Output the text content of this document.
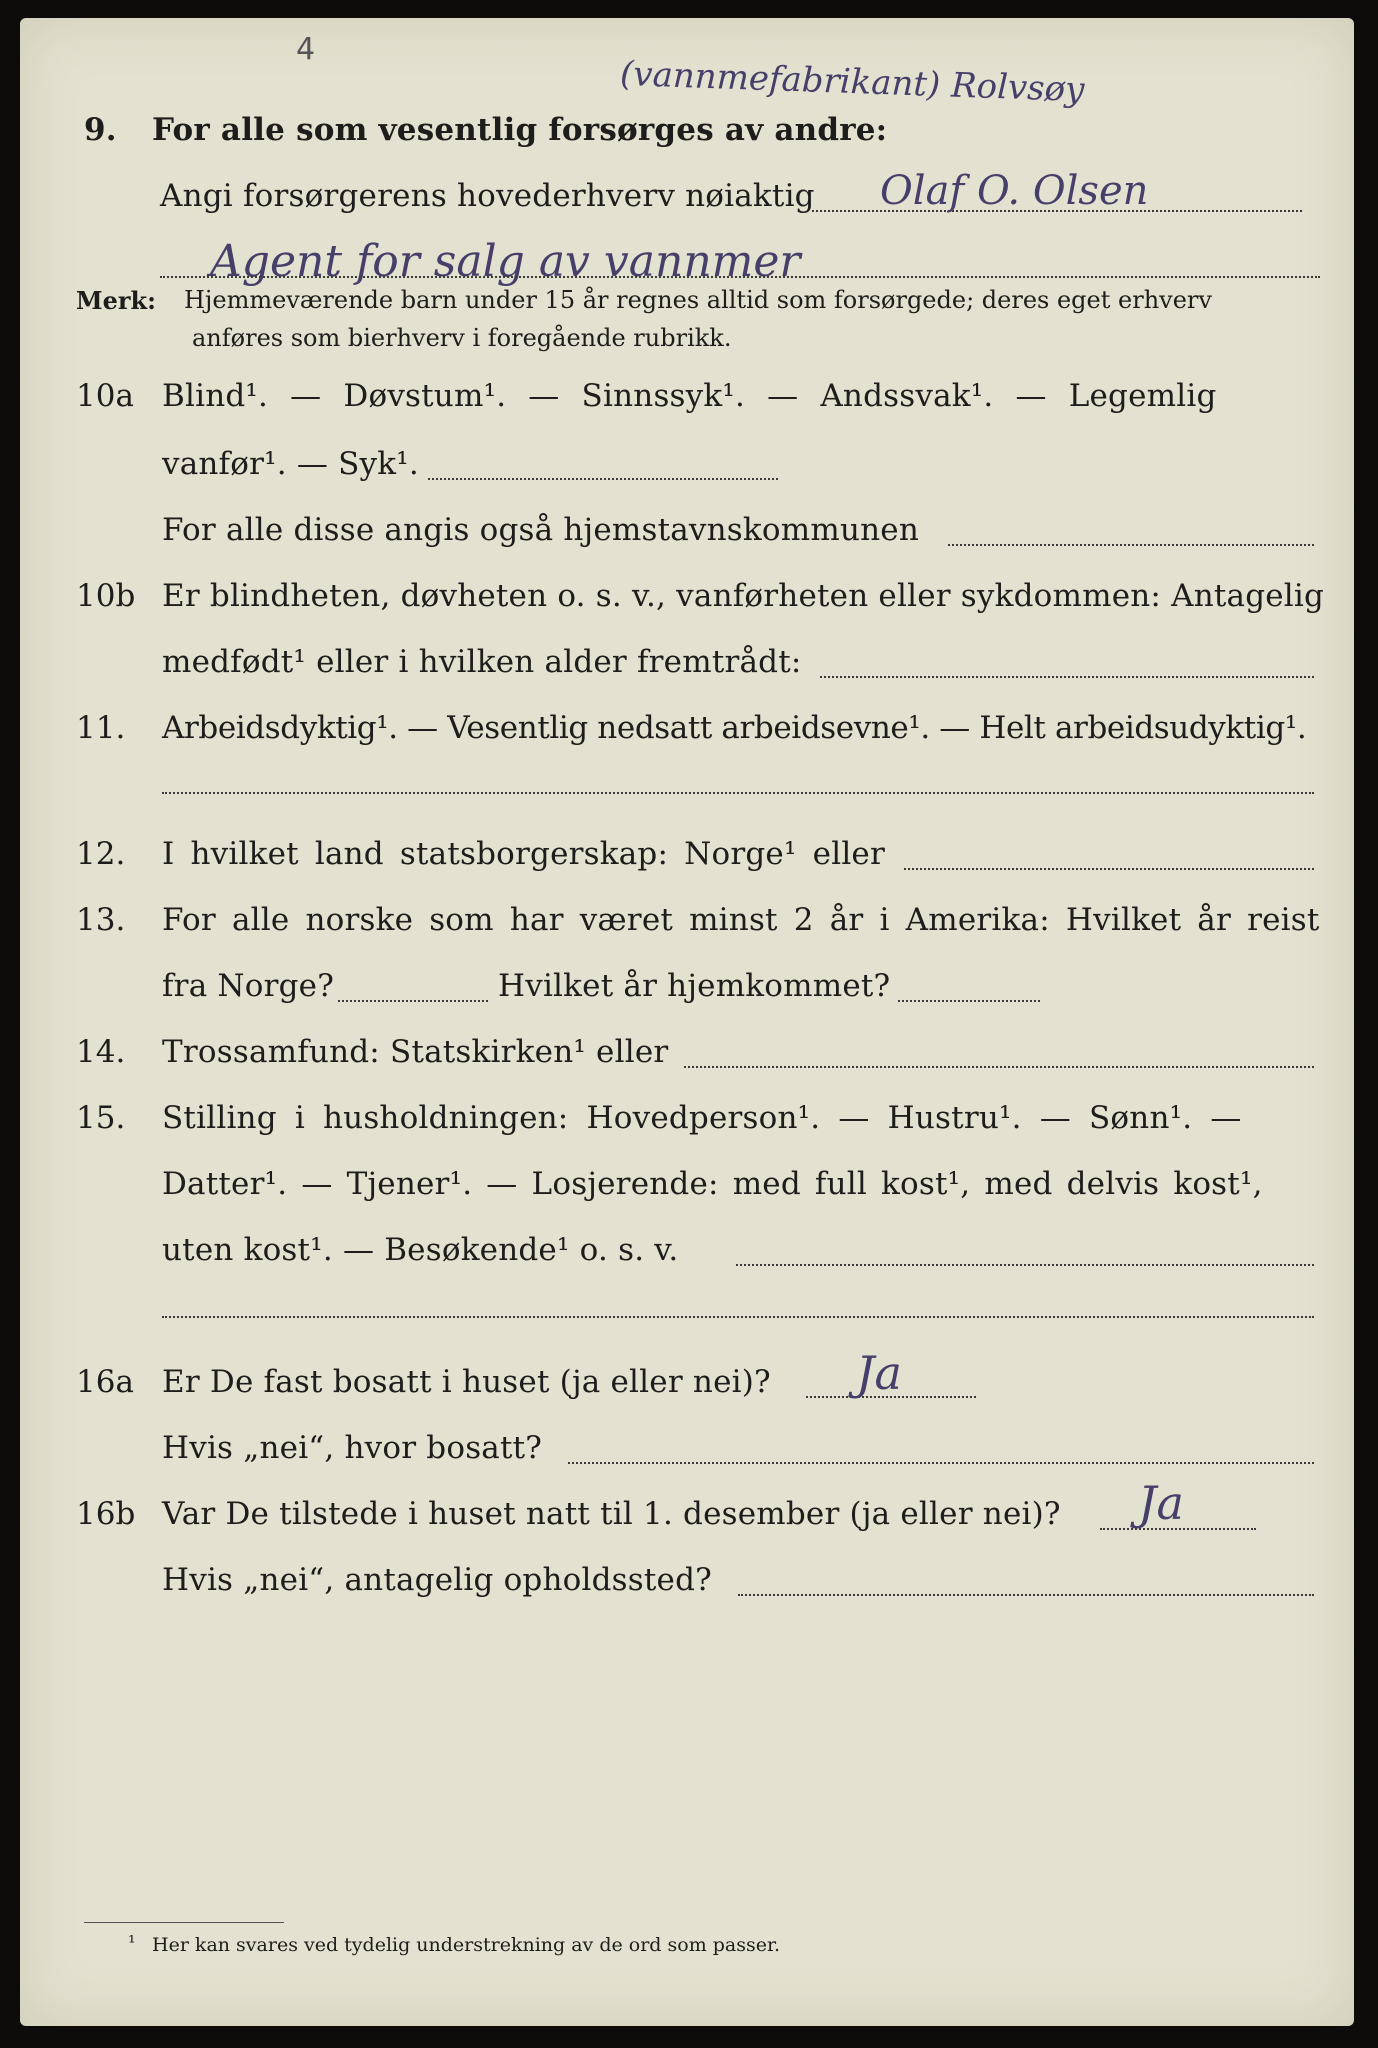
4
9. For alle som vesentlig forsørges av andre:
(vannmefabrikant) Rolvsøy
Angi forsørgerens hovederhverv nøiaktig Olaf O. Olsen
Agent for salg av vannmer
Merk: Hjemmeværende barn under 15 år regnes alltid som forsørgede; deres eget erhverv
anføres som bierhverv i foregående rubrikk.
10a Blind¹. — Døvstum¹. — Sinnssyk¹. — Andssvak¹. — Legemlig
vanfør¹. — Syk¹.
For alle disse angis også hjemstavnskommunen
10b Er blindheten, døvheten o. s. v., vanførheten eller sykdommen: Antagelig
medfødt¹ eller i hvilken alder fremtrådt:
11. Arbeidsdyktig¹. — Vesentlig nedsatt arbeidsevne¹. — Helt arbeidsudyktig¹.
12. I hvilket land statsborgerskap: Norge¹ eller
13. For alle norske som har været minst 2 år i Amerika: Hvilket år reist
fra Norge?	Hvilket år hjemkommet?
14. Trossamfund: Statskirken¹ eller
15. Stilling i husholdningen: Hovedperson¹. — Hustru¹. — Sønn¹. —
Datter¹. — Tjener¹. — Losjerende: med full kost¹, med delvis kost¹,
uten kost¹. — Besøkende¹ o. s. v.
16a Er De fast bosatt i huset (ja eller nei)? Ja
Hvis „nei“, hvor bosatt?
16b Var De tilstede i huset natt til 1. desember (ja eller nei)? Ja
Hvis „nei“, antagelig opholdssted?
¹ Her kan svares ved tydelig understrekning av de ord som passer.
